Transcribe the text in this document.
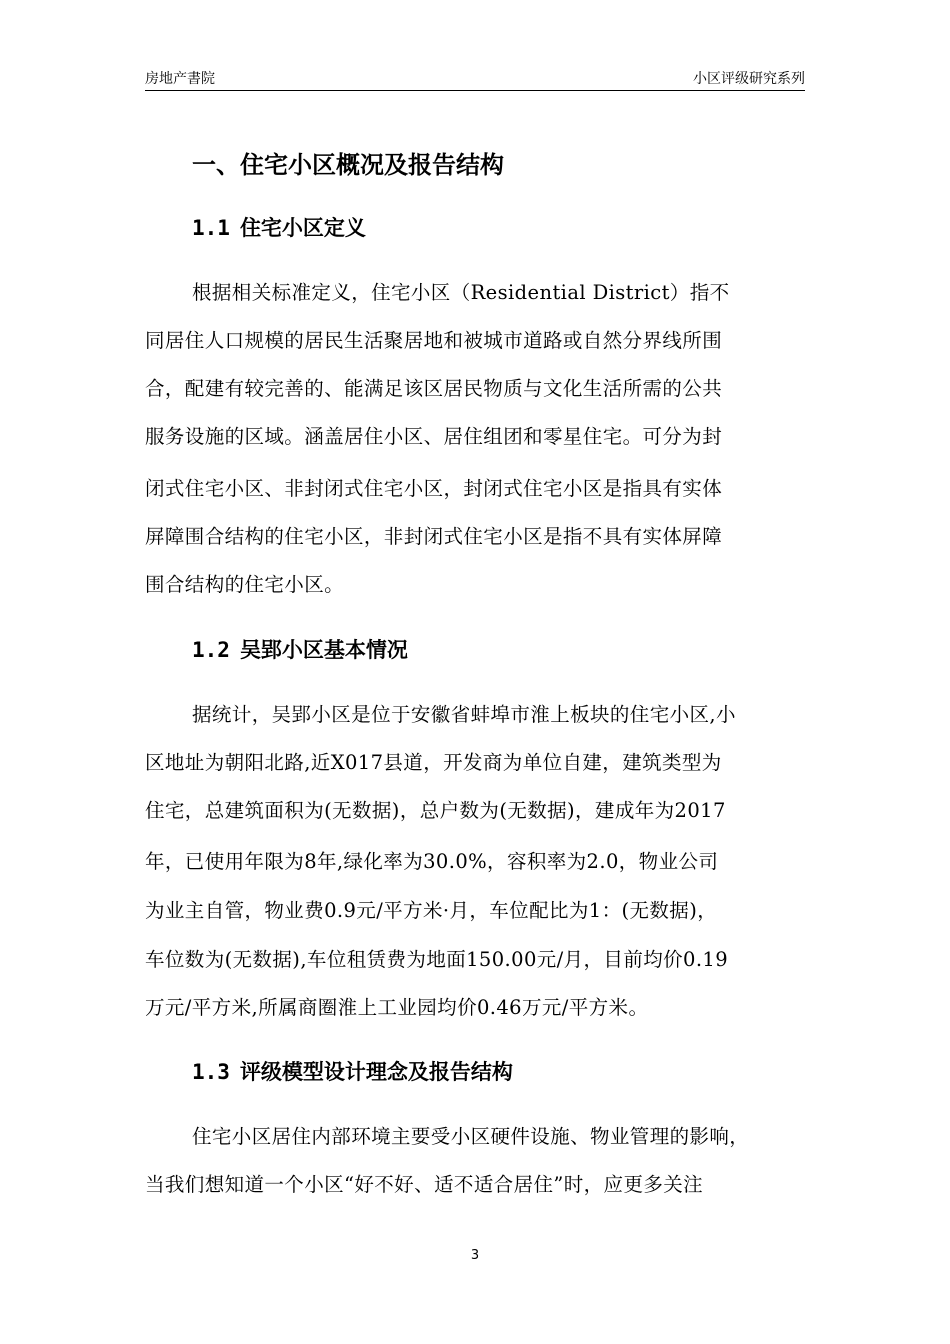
房地产書院	小区评级研究系列
一、住宅小区概况及报告结构
1.1 住宅小区定义
根据相关标准定义，住宅小区（Residential District）指不
同居住人口规模的居民生活聚居地和被城市道路或自然分界线所围
合，配建有较完善的、能满足该区居民物质与文化生活所需的公共
服务设施的区域。涵盖居住小区、居住组团和零星住宅。可分为封
闭式住宅小区、非封闭式住宅小区，封闭式住宅小区是指具有实体
屏障围合结构的住宅小区，非封闭式住宅小区是指不具有实体屏障
围合结构的住宅小区。
1.2 吴郢小区基本情况
据统计，吴郢小区是位于安徽省蚌埠市淮上板块的住宅小区,小
区地址为朝阳北路,近X017县道，开发商为单位自建，建筑类型为
住宅，总建筑面积为(无数据)，总户数为(无数据)，建成年为2017
年，已使用年限为8年,绿化率为30.0%，容积率为2.0，物业公司
为业主自管，物业费0.9元/平方米·月，车位配比为1：(无数据)，
车位数为(无数据),车位租赁费为地面150.00元/月，目前均价0.19
万元/平方米,所属商圈淮上工业园均价0.46万元/平方米。
1.3 评级模型设计理念及报告结构
住宅小区居住内部环境主要受小区硬件设施、物业管理的影响，
当我们想知道一个小区“好不好、适不适合居住”时，应更多关注
3
